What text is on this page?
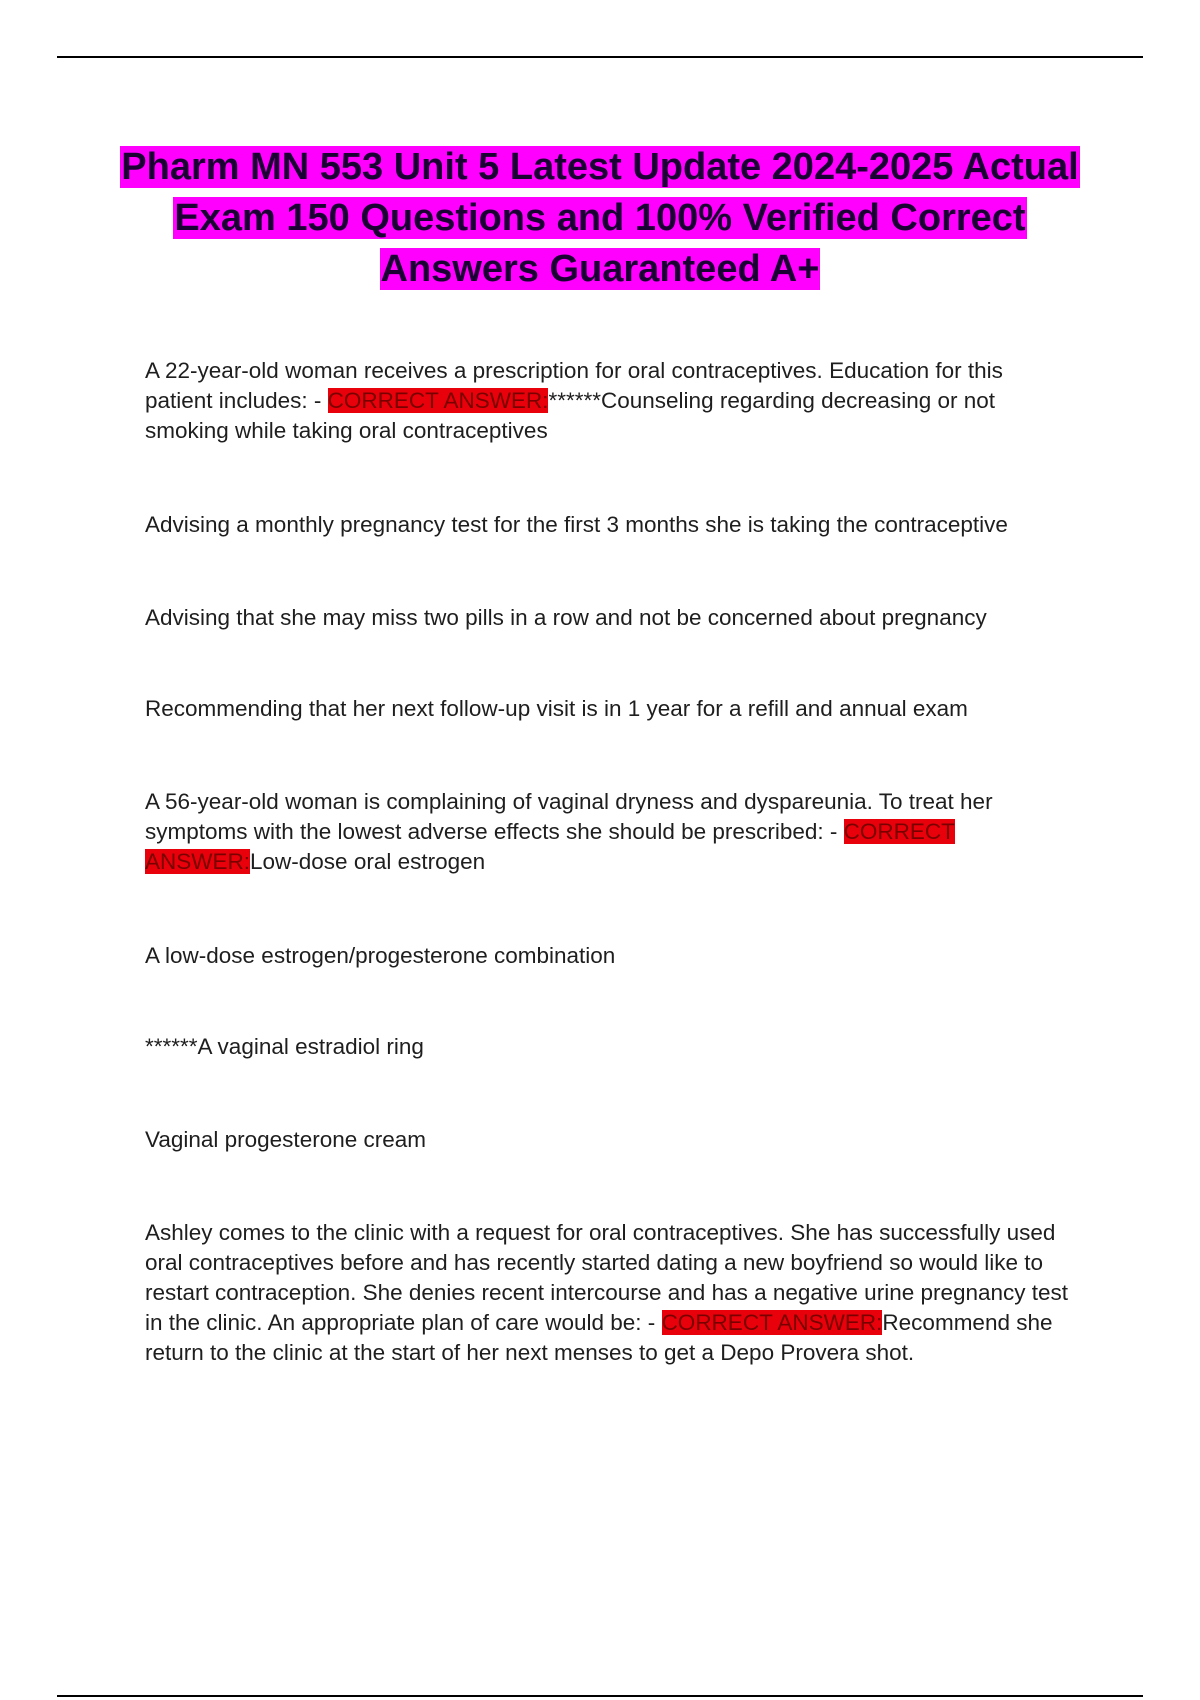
Pharm MN 553 Unit 5 Latest Update 2024-2025 Actual Exam 150 Questions and 100% Verified Correct Answers Guaranteed A+
A 22-year-old woman receives a prescription for oral contraceptives. Education for this patient includes: - CORRECT ANSWER:******Counseling regarding decreasing or not smoking while taking oral contraceptives
Advising a monthly pregnancy test for the first 3 months she is taking the contraceptive
Advising that she may miss two pills in a row and not be concerned about pregnancy
Recommending that her next follow-up visit is in 1 year for a refill and annual exam
A 56-year-old woman is complaining of vaginal dryness and dyspareunia. To treat her symptoms with the lowest adverse effects she should be prescribed: - CORRECT ANSWER:Low-dose oral estrogen
A low-dose estrogen/progesterone combination
******A vaginal estradiol ring
Vaginal progesterone cream
Ashley comes to the clinic with a request for oral contraceptives. She has successfully used oral contraceptives before and has recently started dating a new boyfriend so would like to restart contraception. She denies recent intercourse and has a negative urine pregnancy test in the clinic. An appropriate plan of care would be: - CORRECT ANSWER:Recommend she return to the clinic at the start of her next menses to get a Depo Provera shot.
